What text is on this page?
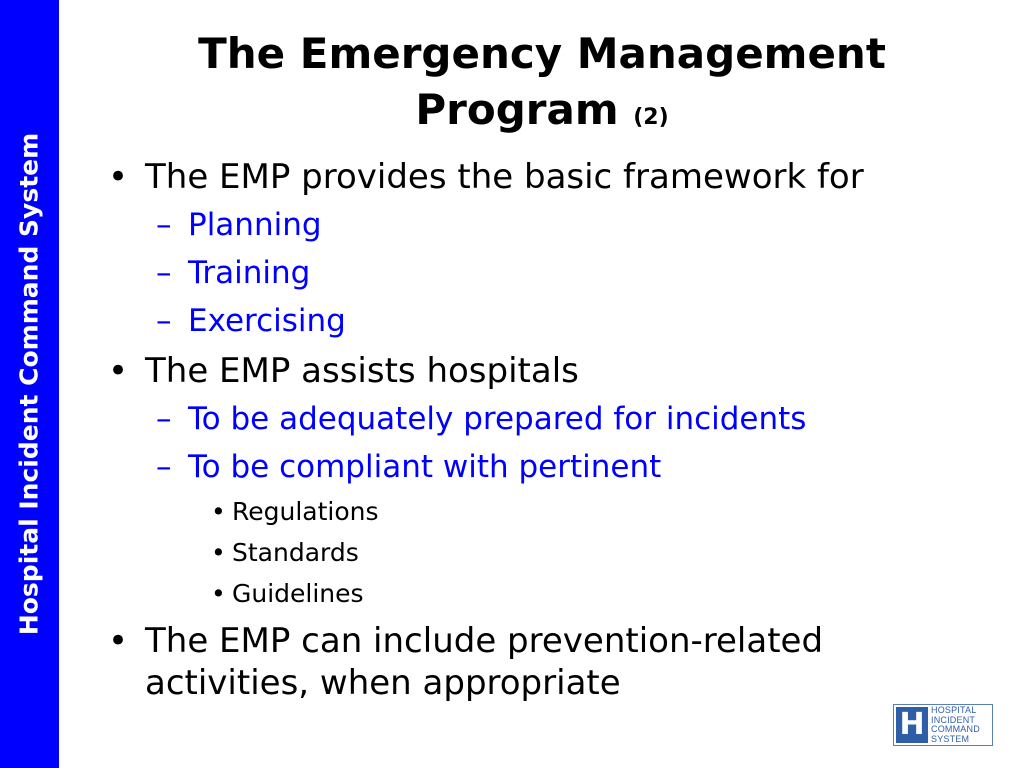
Hospital Incident Command System
The Emergency Management
Program (2)
• The EMP provides the basic framework for
– Planning
– Training
– Exercising
• The EMP assists hospitals
– To be adequately prepared for incidents
– To be compliant with pertinent
• Regulations
• Standards
• Guidelines
• The EMP can include prevention-related
activities, when appropriate
H HOSPITAL
INCIDENT
COMMAND
SYSTEM
